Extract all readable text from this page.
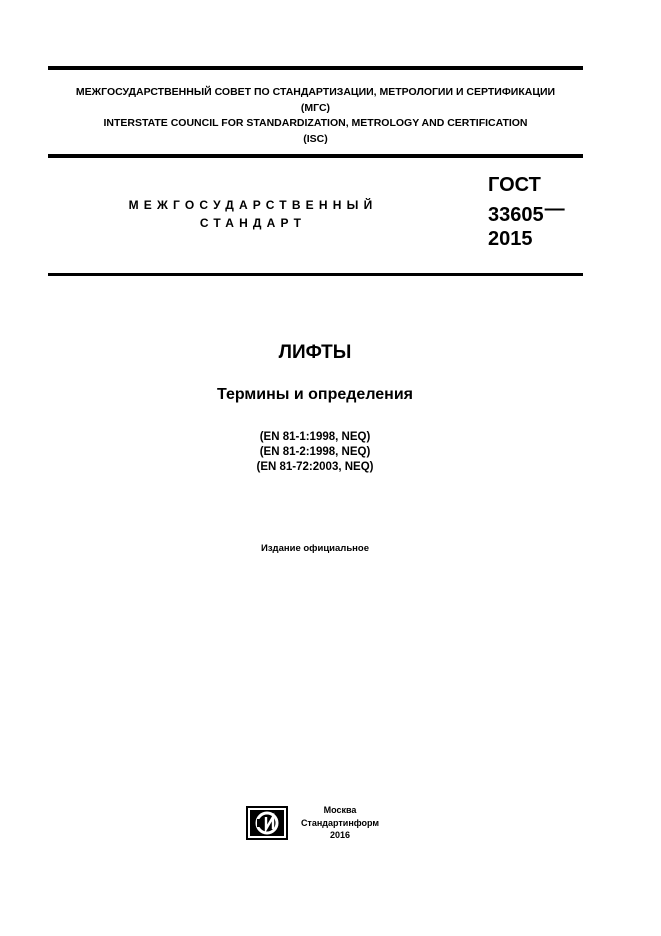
МЕЖГОСУДАРСТВЕННЫЙ СОВЕТ ПО СТАНДАРТИЗАЦИИ, МЕТРОЛОГИИ И СЕРТИФИКАЦИИ
(МГС)
INTERSTATE COUNCIL FOR STANDARDIZATION, METROLOGY AND CERTIFICATION
(ISC)
МЕЖГОСУДАРСТВЕННЫЙ
СТАНДАРТ
ГОСТ
33605—
2015
ЛИФТЫ
Термины и определения
(EN 81-1:1998, NEQ)
(EN 81-2:1998, NEQ)
(EN 81-72:2003, NEQ)
Издание официальное
Москва
Стандартинформ
2016
